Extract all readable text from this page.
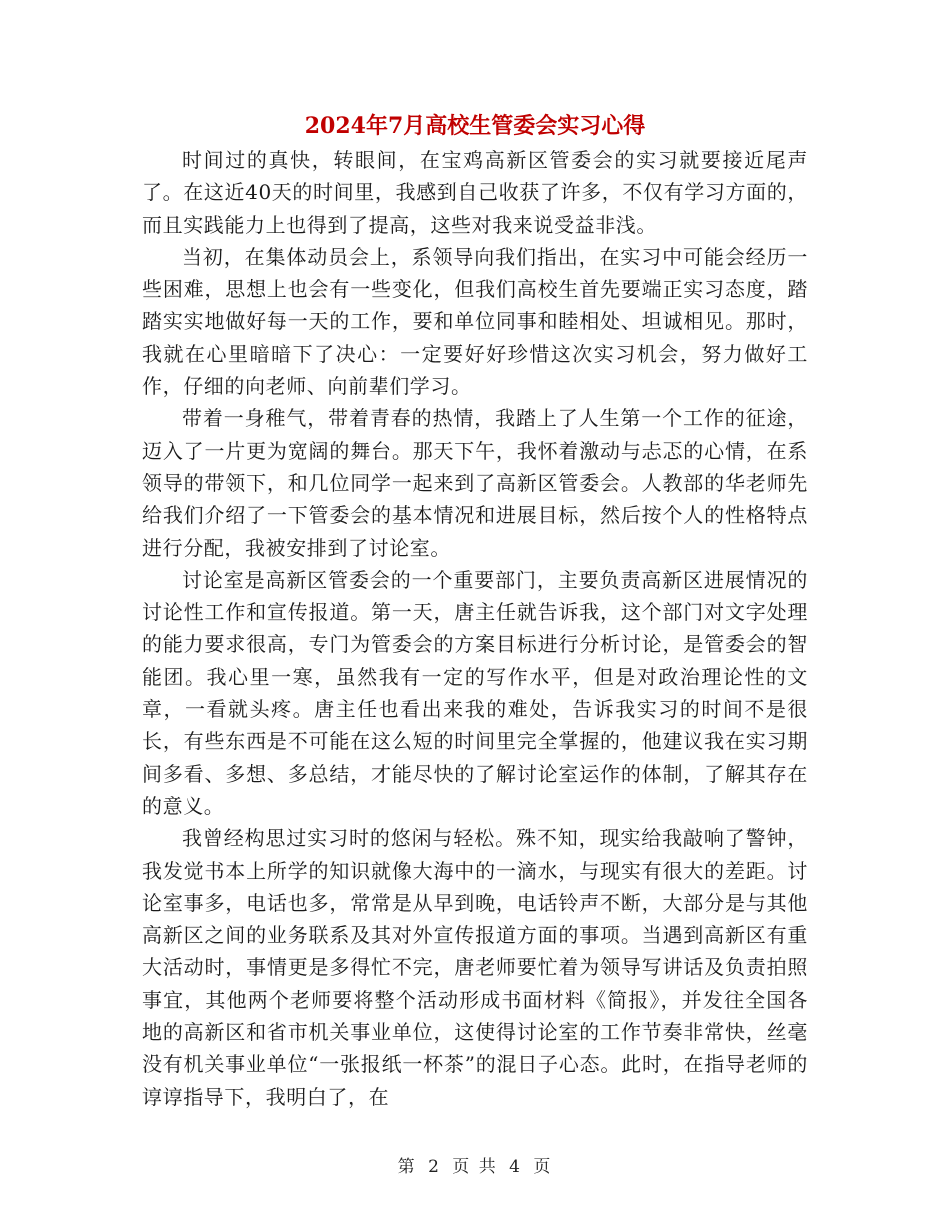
2024年7月高校生管委会实习心得

时间过的真快，转眼间，在宝鸡高新区管委会的实习就要接近尾声了。在这近40天的时间里，我感到自己收获了许多，不仅有学习方面的，而且实践能力上也得到了提高，这些对我来说受益非浅。

当初，在集体动员会上，系领导向我们指出，在实习中可能会经历一些困难，思想上也会有一些变化，但我们高校生首先要端正实习态度，踏踏实实地做好每一天的工作，要和单位同事和睦相处、坦诚相见。那时，我就在心里暗暗下了决心：一定要好好珍惜这次实习机会，努力做好工作，仔细的向老师、向前辈们学习。

带着一身稚气，带着青春的热情，我踏上了人生第一个工作的征途，迈入了一片更为宽阔的舞台。那天下午，我怀着激动与忐忑的心情，在系领导的带领下，和几位同学一起来到了高新区管委会。人教部的华老师先给我们介绍了一下管委会的基本情况和进展目标，然后按个人的性格特点进行分配，我被安排到了讨论室。

讨论室是高新区管委会的一个重要部门，主要负责高新区进展情况的讨论性工作和宣传报道。第一天，唐主任就告诉我，这个部门对文字处理的能力要求很高，专门为管委会的方案目标进行分析讨论，是管委会的智能团。我心里一寒，虽然我有一定的写作水平，但是对政治理论性的文章，一看就头疼。唐主任也看出来我的难处，告诉我实习的时间不是很长，有些东西是不可能在这么短的时间里完全掌握的，他建议我在实习期间多看、多想、多总结，才能尽快的了解讨论室运作的体制，了解其存在的意义。

我曾经构思过实习时的悠闲与轻松。殊不知，现实给我敲响了警钟，我发觉书本上所学的知识就像大海中的一滴水，与现实有很大的差距。讨论室事多，电话也多，常常是从早到晚，电话铃声不断，大部分是与其他高新区之间的业务联系及其对外宣传报道方面的事项。当遇到高新区有重大活动时，事情更是多得忙不完，唐老师要忙着为领导写讲话及负责拍照事宜，其他两个老师要将整个活动形成书面材料《简报》，并发往全国各地的高新区和省市机关事业单位，这使得讨论室的工作节奏非常快，丝毫没有机关事业单位“一张报纸一杯茶”的混日子心态。此时，在指导老师的谆谆指导下，我明白了，在

第 2 页 共 4 页
